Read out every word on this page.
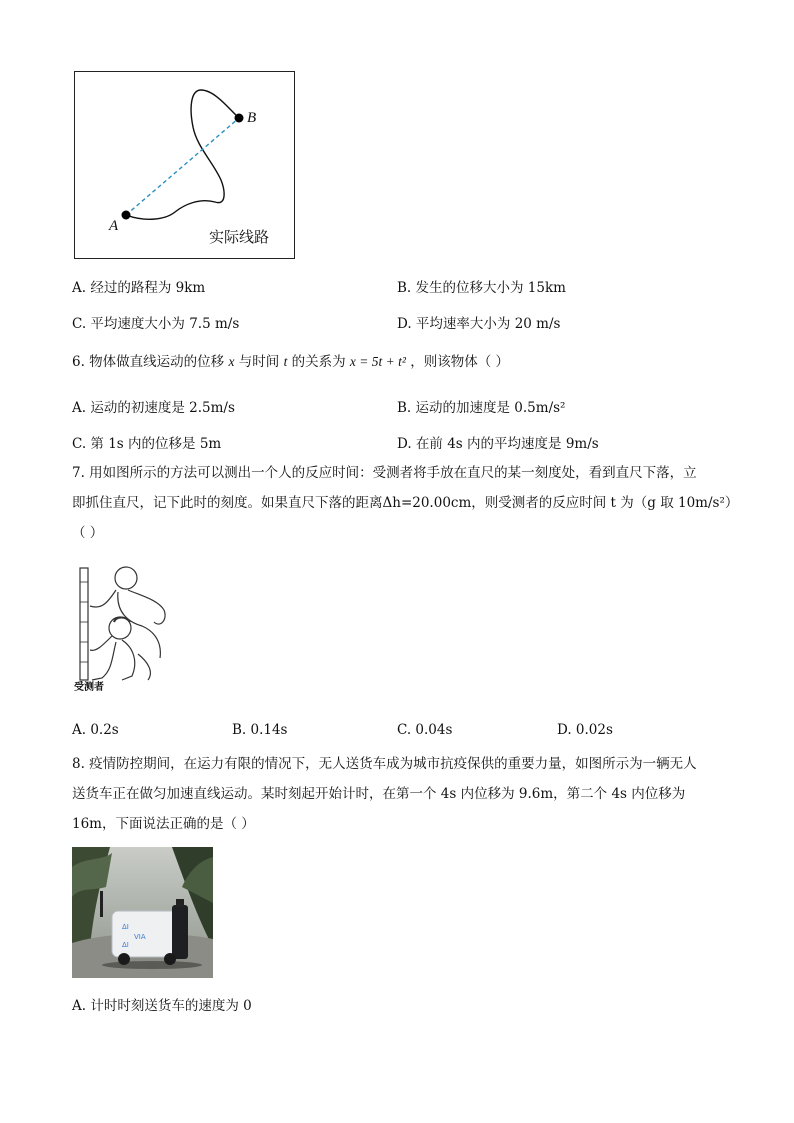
A
B
实际线路
A. 经过的路程为 9km	B. 发生的位移大小为 15km
C. 平均速度大小为 7.5 m/s	D. 平均速率大小为 20 m/s
6. 物体做直线运动的位移 x 与时间 t 的关系为 x = 5t + t² ，则该物体（ ）
A. 运动的初速度是 2.5m/s	B. 运动的加速度是 0.5m/s²
C. 第 1s 内的位移是 5m	D. 在前 4s 内的平均速度是 9m/s
7. 用如图所示的方法可以测出一个人的反应时间：受测者将手放在直尺的某一刻度处，看到直尺下落，立
即抓住直尺，记下此时的刻度。如果直尺下落的距离Δh=20.00cm，则受测者的反应时间 t 为（g 取 10m/s²）
（ ）
受测者
A. 0.2s	B. 0.14s	C. 0.04s	D. 0.02s
8. 疫情防控期间，在运力有限的情况下，无人送货车成为城市抗疫保供的重要力量，如图所示为一辆无人
送货车正在做匀加速直线运动。某时刻起开始计时，在第一个 4s 内位移为 9.6m，第二个 4s 内位移为
16m，下面说法正确的是（ ）
ΔI
VIA
ΔI
A. 计时时刻送货车的速度为 0
